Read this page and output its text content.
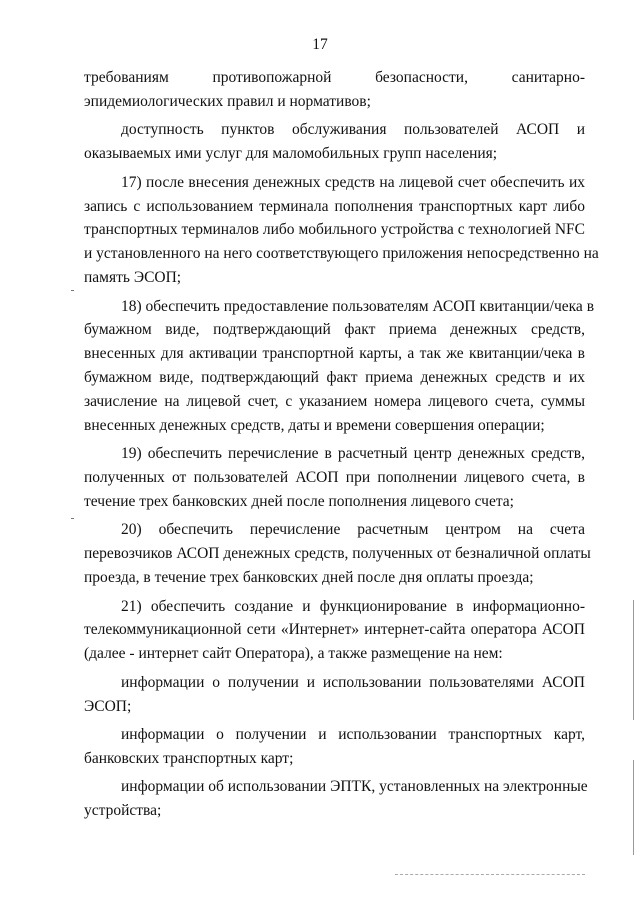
17
требованиям противопожарной безопасности, санитарно-
эпидемиологических правил и нормативов;
доступность пунктов обслуживания пользователей АСОП и
оказываемых ими услуг для маломобильных групп населения;
17) после внесения денежных средств на лицевой счет обеспечить их
запись с использованием терминала пополнения транспортных карт либо
транспортных терминалов либо мобильного устройства с технологией NFC
и установленного на него соответствующего приложения непосредственно на
память ЭСОП;
18) обеспечить предоставление пользователям АСОП квитанции/чека в
бумажном виде, подтверждающий факт приема денежных средств,
внесенных для активации транспортной карты, а так же квитанции/чека в
бумажном виде, подтверждающий факт приема денежных средств и их
зачисление на лицевой счет, с указанием номера лицевого счета, суммы
внесенных денежных средств, даты и времени совершения операции;
19) обеспечить перечисление в расчетный центр денежных средств,
полученных от пользователей АСОП при пополнении лицевого счета, в
течение трех банковских дней после пополнения лицевого счета;
20) обеспечить перечисление расчетным центром на счета
перевозчиков АСОП денежных средств, полученных от безналичной оплаты
проезда, в течение трех банковских дней после дня оплаты проезда;
21) обеспечить создание и функционирование в информационно-
телекоммуникационной сети «Интернет» интернет-сайта оператора АСОП
(далее - интернет сайт Оператора), а также размещение на нем:
информации о получении и использовании пользователями АСОП
ЭСОП;
информации о получении и использовании транспортных карт,
банковских транспортных карт;
информации об использовании ЭПТК, установленных на электронные
устройства;
